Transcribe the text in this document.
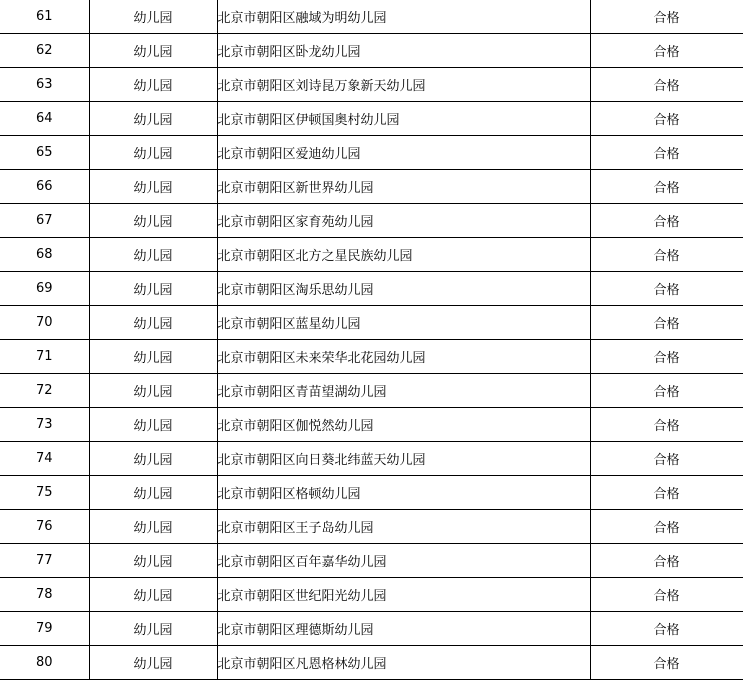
61	幼儿园	北京市朝阳区融域为明幼儿园	合格
62	幼儿园	北京市朝阳区卧龙幼儿园	合格
63	幼儿园	北京市朝阳区刘诗昆万象新天幼儿园	合格
64	幼儿园	北京市朝阳区伊顿国奥村幼儿园	合格
65	幼儿园	北京市朝阳区爱迪幼儿园	合格
66	幼儿园	北京市朝阳区新世界幼儿园	合格
67	幼儿园	北京市朝阳区家育苑幼儿园	合格
68	幼儿园	北京市朝阳区北方之星民族幼儿园	合格
69	幼儿园	北京市朝阳区淘乐思幼儿园	合格
70	幼儿园	北京市朝阳区蓝星幼儿园	合格
71	幼儿园	北京市朝阳区未来荣华北花园幼儿园	合格
72	幼儿园	北京市朝阳区青苗望湖幼儿园	合格
73	幼儿园	北京市朝阳区伽悦然幼儿园	合格
74	幼儿园	北京市朝阳区向日葵北纬蓝天幼儿园	合格
75	幼儿园	北京市朝阳区格顿幼儿园	合格
76	幼儿园	北京市朝阳区王子岛幼儿园	合格
77	幼儿园	北京市朝阳区百年嘉华幼儿园	合格
78	幼儿园	北京市朝阳区世纪阳光幼儿园	合格
79	幼儿园	北京市朝阳区理德斯幼儿园	合格
80	幼儿园	北京市朝阳区凡恩格林幼儿园	合格
